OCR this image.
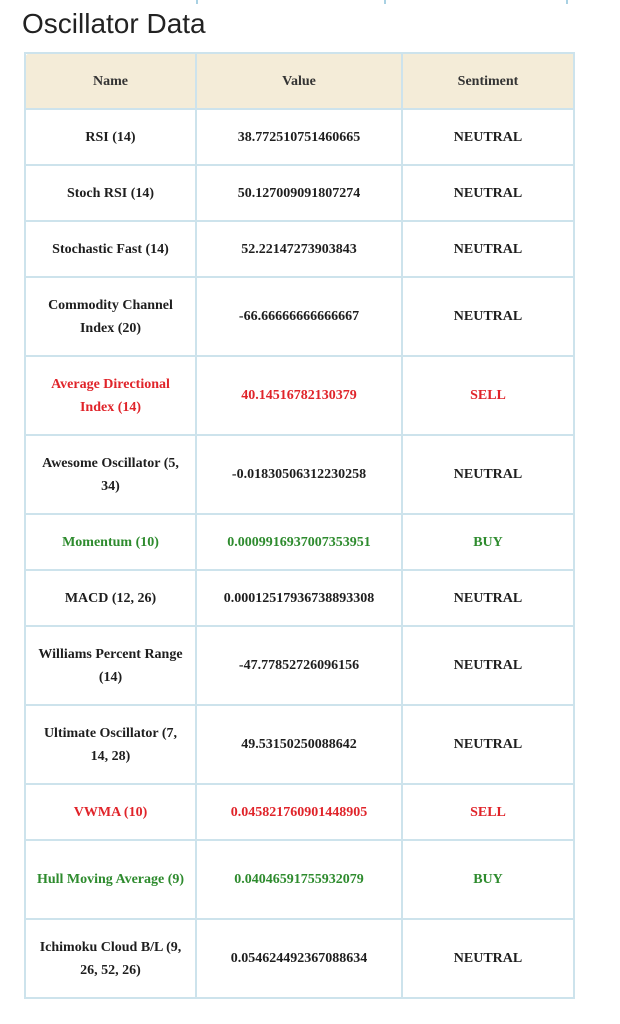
Oscillator Data
Name	Value	Sentiment
RSI (14)	38.772510751460665	NEUTRAL
Stoch RSI (14)	50.127009091807274	NEUTRAL
Stochastic Fast (14)	52.22147273903843	NEUTRAL
Commodity Channel Index (20)	-66.66666666666667	NEUTRAL
Average Directional Index (14)	40.14516782130379	SELL
Awesome Oscillator (5, 34)	-0.01830506312230258	NEUTRAL
Momentum (10)	0.0009916937007353951	BUY
MACD (12, 26)	0.00012517936738893308	NEUTRAL
Williams Percent Range (14)	-47.77852726096156	NEUTRAL
Ultimate Oscillator (7, 14, 28)	49.53150250088642	NEUTRAL
VWMA (10)	0.045821760901448905	SELL
Hull Moving Average (9)	0.04046591755932079	BUY
Ichimoku Cloud B/L (9, 26, 52, 26)	0.054624492367088634	NEUTRAL
